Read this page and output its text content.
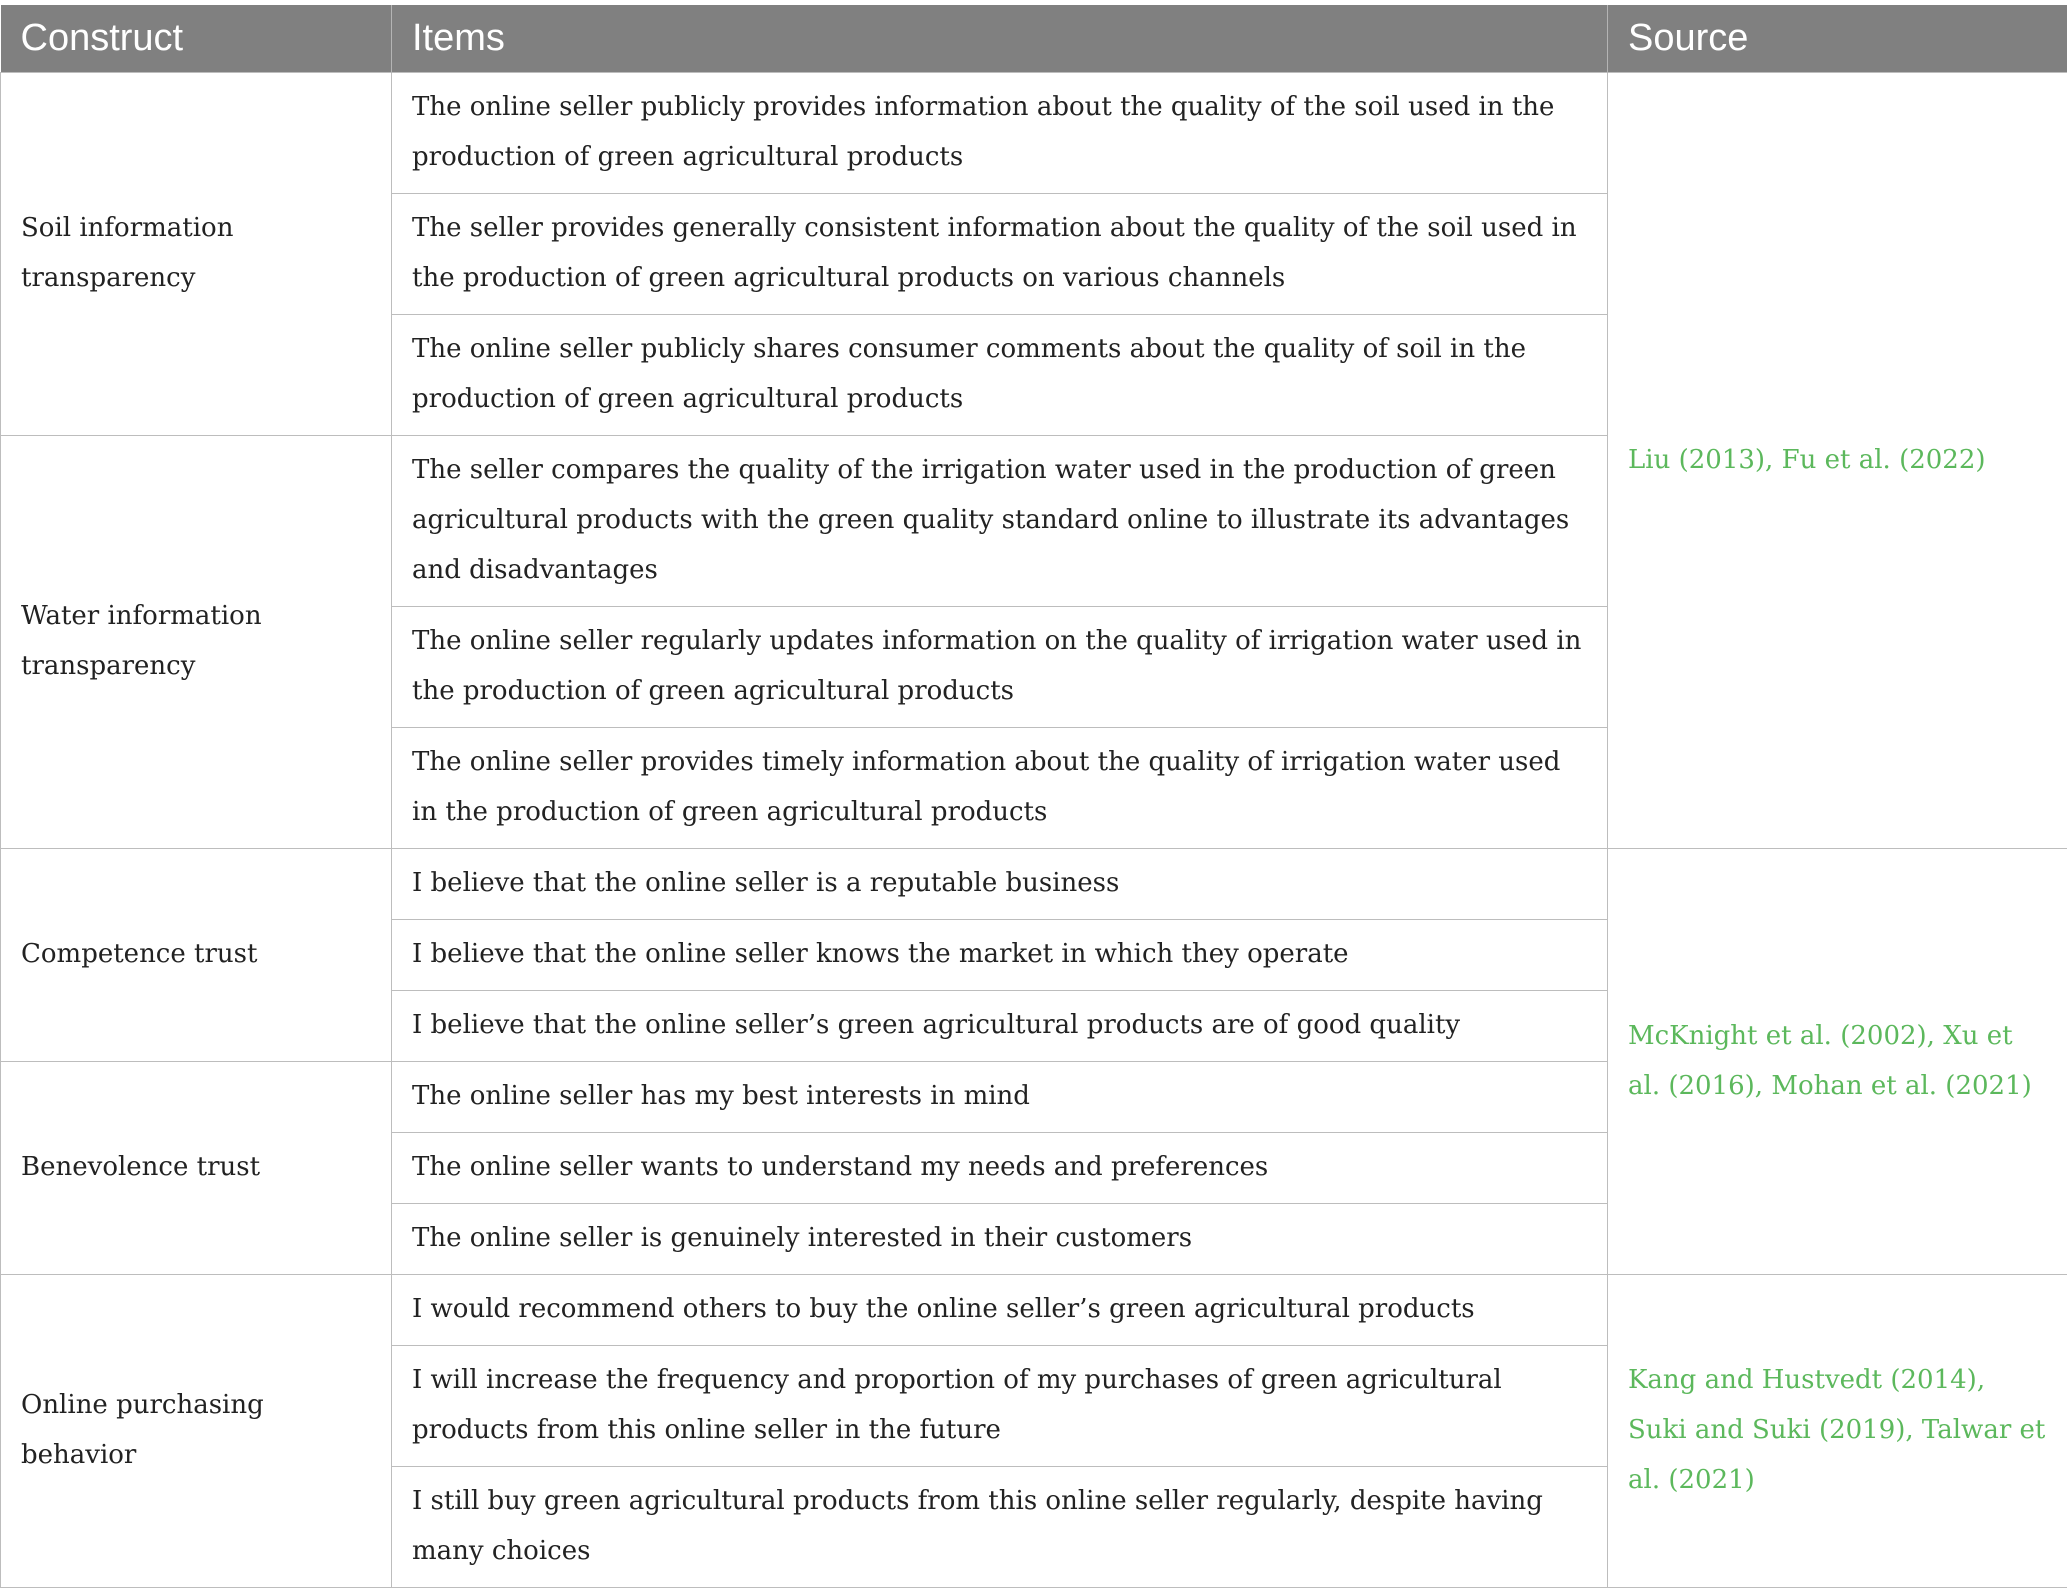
Construct	Items	Source
Soil information transparency	The online seller publicly provides information about the quality of the soil used in the production of green agricultural products	Liu (2013), Fu et al. (2022)
	The seller provides generally consistent information about the quality of the soil used in the production of green agricultural products on various channels	
	The online seller publicly shares consumer comments about the quality of soil in the production of green agricultural products	
Water information transparency	The seller compares the quality of the irrigation water used in the production of green agricultural products with the green quality standard online to illustrate its advantages and disadvantages	
	The online seller regularly updates information on the quality of irrigation water used in the production of green agricultural products	
	The online seller provides timely information about the quality of irrigation water used in the production of green agricultural products	
Competence trust	I believe that the online seller is a reputable business	McKnight et al. (2002), Xu et al. (2016), Mohan et al. (2021)
	I believe that the online seller knows the market in which they operate	
	I believe that the online seller’s green agricultural products are of good quality	
Benevolence trust	The online seller has my best interests in mind	
	The online seller wants to understand my needs and preferences	
	The online seller is genuinely interested in their customers	
Online purchasing behavior	I would recommend others to buy the online seller’s green agricultural products	Kang and Hustvedt (2014), Suki and Suki (2019), Talwar et al. (2021)
	I will increase the frequency and proportion of my purchases of green agricultural products from this online seller in the future	
	I still buy green agricultural products from this online seller regularly, despite having many choices	
